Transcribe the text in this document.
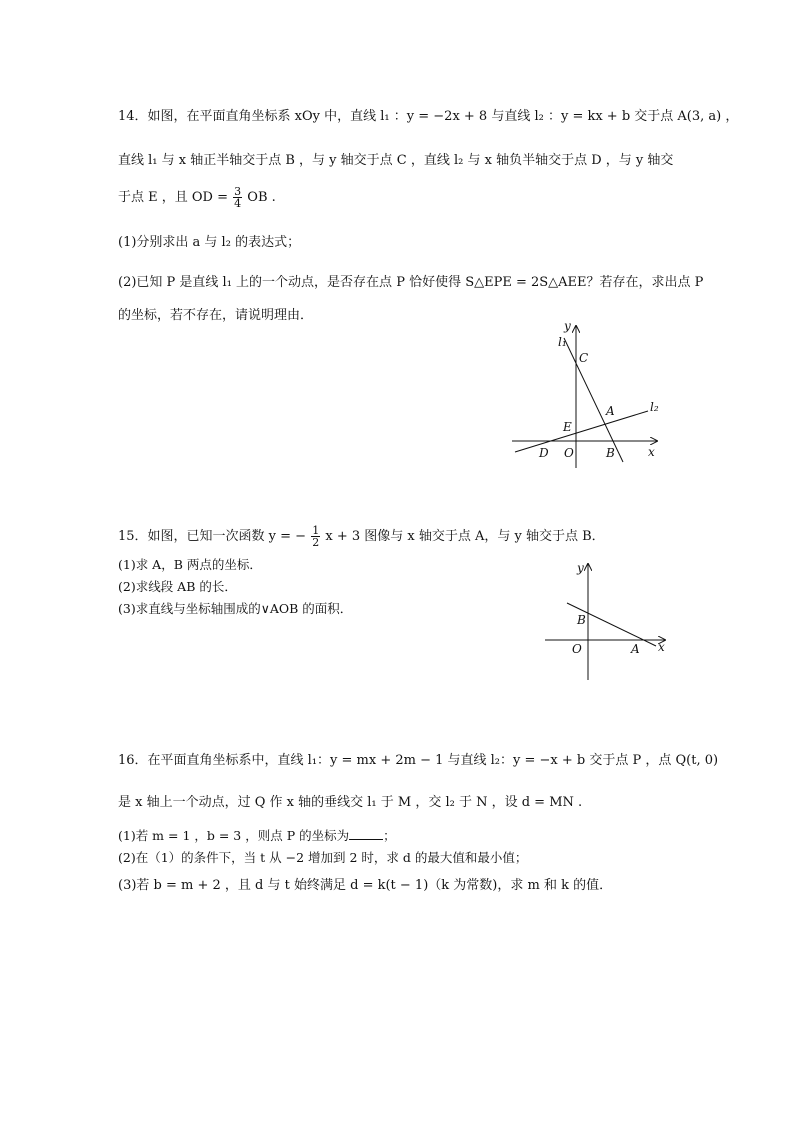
14．如图，在平面直角坐标系 xOy 中，直线 l₁ ：y = −2x + 8 与直线 l₂ ：y = kx + b 交于点 A(3, a) ，
直线 l₁ 与 x 轴正半轴交于点 B ，与 y 轴交于点 C ，直线 l₂ 与 x 轴负半轴交于点 D ，与 y 轴交
于点 E ，且 OD = $\frac{3}{4}$ OB .
(1)分别求出 a 与 l₂ 的表达式；
(2)已知 P 是直线 l₁ 上的一个动点，是否存在点 P 恰好使得 S△EPE = 2S△AEE？若存在，求出点 P
的坐标，若不存在，请说明理由．
y
l₁
C
A	l₂
E
D O	B	x
15．如图，已知一次函数 y = − $\frac{1}{2}$ x + 3 图像与 x 轴交于点 A，与 y 轴交于点 B．
(1)求 A，B 两点的坐标．
(2)求线段 AB 的长．
(3)求直线与坐标轴围成的∨AOB 的面积．
y
B
O	A x
16．在平面直角坐标系中，直线 l₁：y = mx + 2m − 1 与直线 l₂：y = −x + b 交于点 P ，点 Q(t, 0)
是 x 轴上一个动点，过 Q 作 x 轴的垂线交 l₁ 于 M ，交 l₂ 于 N ，设 d = MN .
(1)若 m = 1 ，b = 3 ，则点 P 的坐标为	；
(2)在（1）的条件下，当 t 从 −2 增加到 2 时，求 d 的最大值和最小值；
(3)若 b = m + 2 ，且 d 与 t 始终满足 d = k(t − 1)（k 为常数)，求 m 和 k 的值．
